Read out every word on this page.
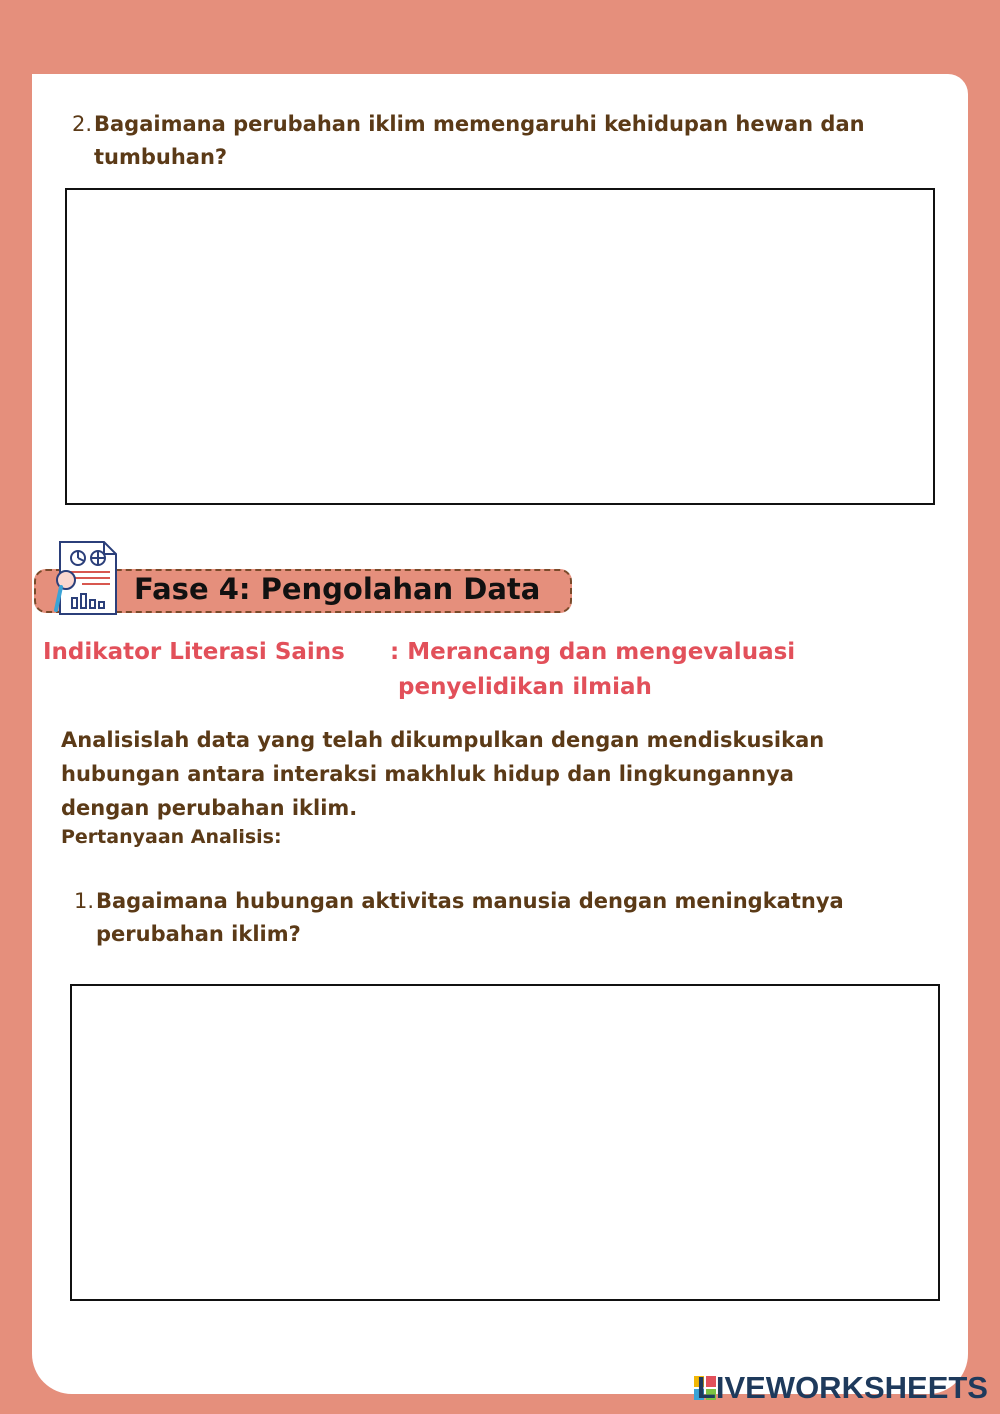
2. Bagaimana perubahan iklim memengaruhi kehidupan hewan dan
tumbuhan?
Fase 4: Pengolahan Data
Indikator Literasi Sains : Merancang dan mengevaluasi
penyelidikan ilmiah
Analisislah data yang telah dikumpulkan dengan mendiskusikan
hubungan antara interaksi makhluk hidup dan lingkungannya
dengan perubahan iklim.
Pertanyaan Analisis:
1. Bagaimana hubungan aktivitas manusia dengan meningkatnya
perubahan iklim?
LIVEWORKSHEETS
